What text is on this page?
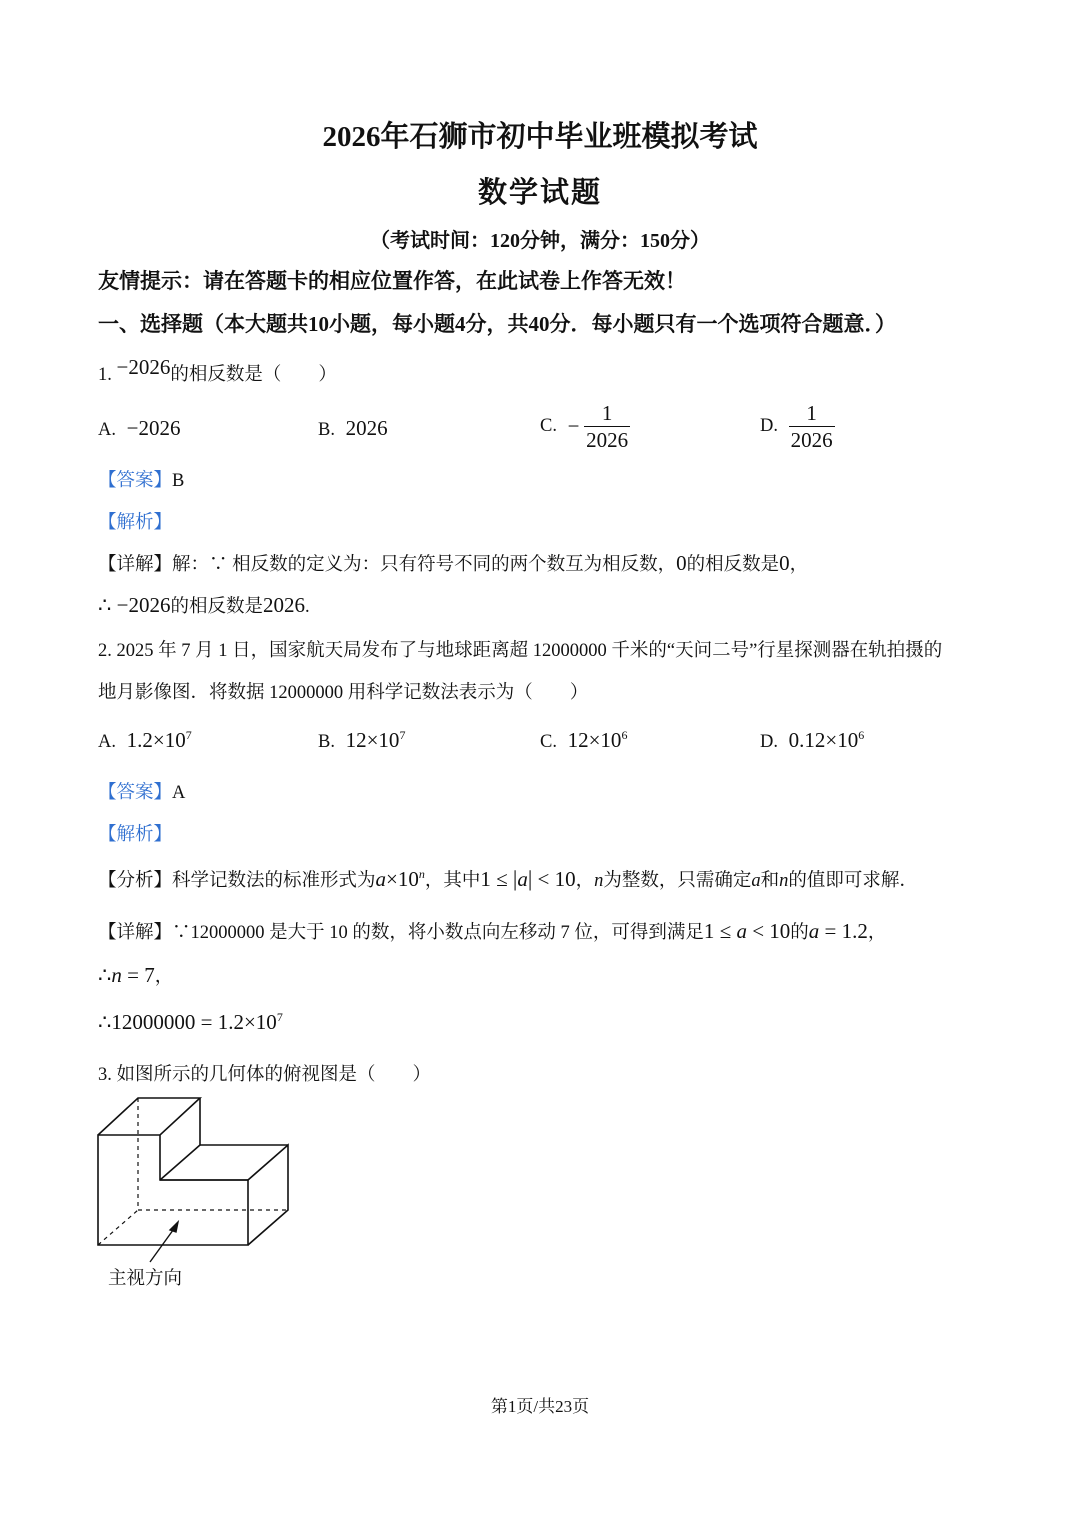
2026年石狮市初中毕业班模拟考试
数学试题
（考试时间：120分钟，满分：150分）
友情提示：请在答题卡的相应位置作答，在此试卷上作答无效！
一、选择题（本大题共10小题，每小题4分，共40分．每小题只有一个选项符合题意．）
1. −2026的相反数是（　　）
A. −2026	B. 2026	C. − $\frac{1}{2026}$	D. $\frac{1}{2026}$
【答案】B
【解析】
【详解】解：∵ 相反数的定义为：只有符号不同的两个数互为相反数，0的相反数是0，
∴ −2026的相反数是2026.
2. 2025 年 7 月 1 日，国家航天局发布了与地球距离超 12000000 千米的“天问二号”行星探测器在轨拍摄的
地月影像图．将数据 12000000 用科学记数法表示为（　　）
A. $1.2\times 10^7$	B. $12\times 10^7$	C. $12\times 10^6$	D. $0.12\times 10^6$
【答案】A
【解析】
【分析】科学记数法的标准形式为$a\times 10^n$，其中1 ≤ |a| < 10，n为整数，只需确定a和n的值即可求解．
【详解】∵12000000 是大于 10 的数，将小数点向左移动 7 位，可得到满足1 ≤ a < 10的a = 1.2，
∴n = 7，
∴12000000 = $1.2\times 10^7$
3. 如图所示的几何体的俯视图是（　　）
主视方向
第1页/共23页
